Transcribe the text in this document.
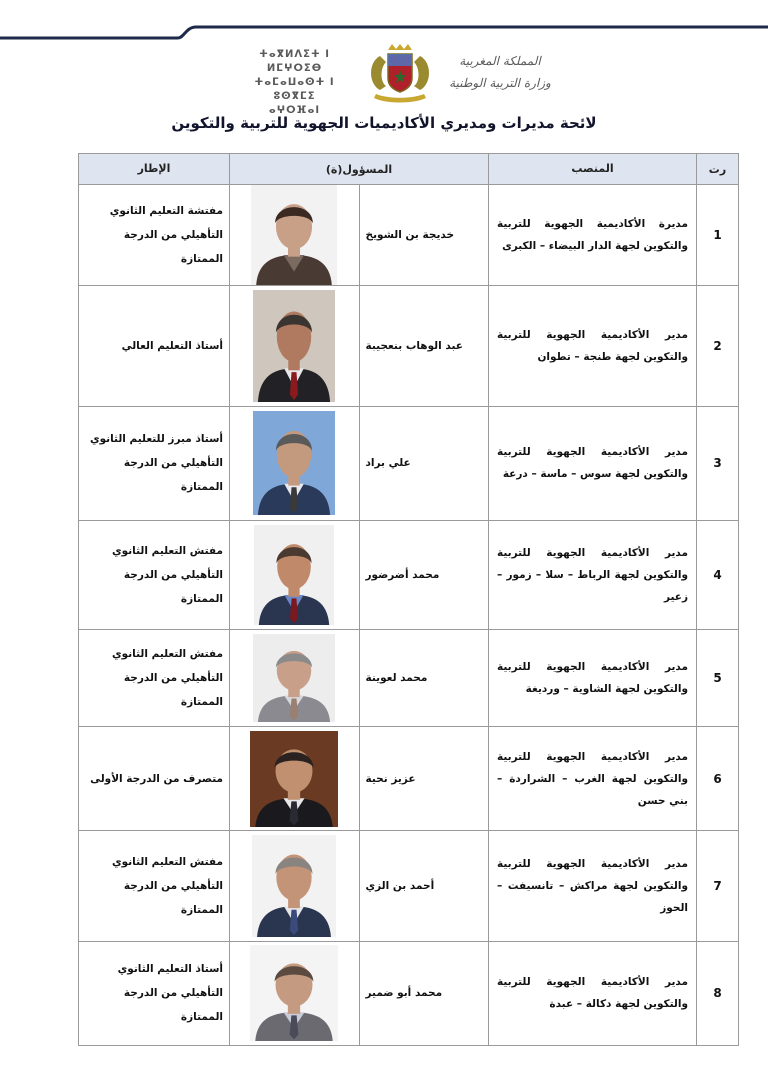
ⵜⴰⴳⵍⴷⵉⵜ ⵏ ⵍⵎⵖⵔⵉⴱ
ⵜⴰⵎⴰⵡⴰⵙⵜ ⵏ ⵓⵙⴳⵎⵉ
ⴰⵖⵔⴼⴰⵏ
المملكة المغربية
وزارة التربية الوطنية
لائحة مديرات ومديري الأكاديميات الجهوية للتربية والتكوين
رت	المنصب	المسؤول(ة)		الإطار
1	مديرة الأكاديمية الجهوية للتربية والتكوين لجهة الدار البيضاء – الكبرى	خديجة بن الشويخ		مفتشة التعليم الثانوي التأهيلي من الدرجة الممتازة
2	مدير الأكاديمية الجهوية للتربية والتكوين لجهة طنجة – تطوان	عبد الوهاب بنعجيبة		أستاذ التعليم العالي
3	مدير الأكاديمية الجهوية للتربية والتكوين لجهة سوس – ماسة – درعة	علي براد		أستاذ مبرز للتعليم الثانوي التأهيلي من الدرجة الممتازة
4	مدير الأكاديمية الجهوية للتربية والتكوين لجهة الرباط – سلا – زمور – زعير	محمد أضرضور		مفتش التعليم الثانوي التأهيلي من الدرجة الممتازة
5	مدير الأكاديمية الجهوية للتربية والتكوين لجهة الشاوية – ورديغة	محمد لعوينة		مفتش التعليم الثانوي التأهيلي من الدرجة الممتازة
6	مدير الأكاديمية الجهوية للتربية والتكوين لجهة الغرب – الشراردة – بني حسن	عزيز نحية		متصرف من الدرجة الأولى
7	مدير الأكاديمية الجهوية للتربية والتكوين لجهة مراكش – تانسيفت – الحوز	أحمد بن الزي		مفتش التعليم الثانوي التأهيلي من الدرجة الممتازة
8	مدير الأكاديمية الجهوية للتربية والتكوين لجهة دكالة – عبدة	محمد أبو ضمير		أستاذ التعليم الثانوي التأهيلي من الدرجة الممتازة
